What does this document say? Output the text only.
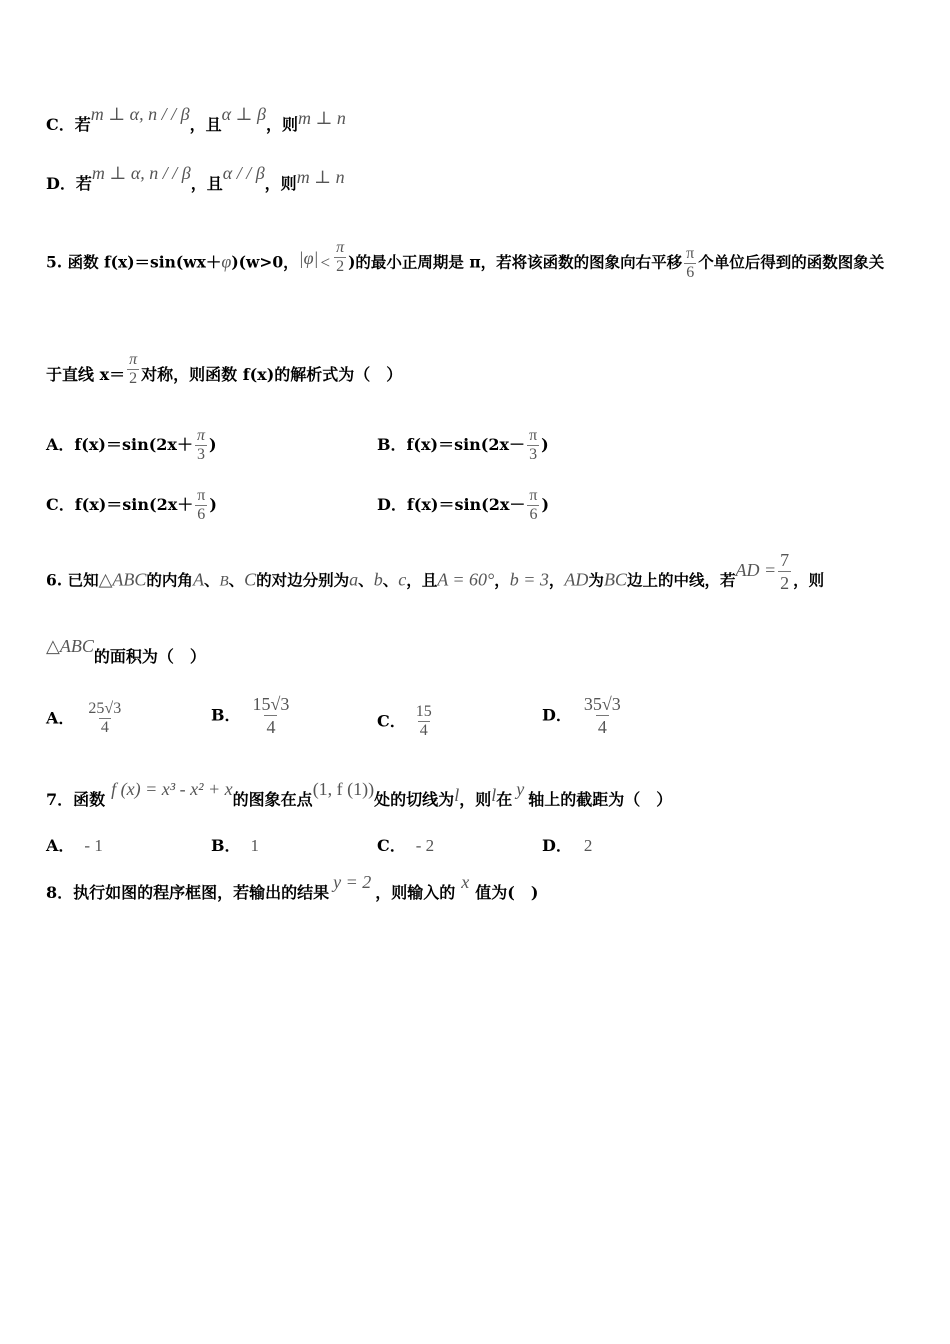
C．若m ⊥ α, n / / β，且α ⊥ β，则m ⊥ n
D．若m ⊥ α, n / / β，且α / / β，则m ⊥ n
5. 函数 f(x)＝sin(wx＋φ)(w>0，$|\varphi| < \frac{\pi}{2}$ )的最小正周期是 π，若将该函数的图象向右平移 $\frac{\pi}{6}$ 个单位后得到的函数图象关
于直线 $x= \frac{\pi}{2}$ 对称，则函数 f(x)的解析式为（　）
A．$f(x)=\sin(2x+ \frac{\pi}{3}$ )	B．$f(x)=\sin(2x- \frac{\pi}{3}$ )
C．$f(x)=\sin(2x+ \frac{\pi}{6}$ )	D．$f(x)=\sin(2x- \frac{\pi}{6}$ )
6. 已知△ABC的内角A、B、C的对边分别为a、b、c，且A = 60°，b = 3，AD为BC边上的中线，若AD = $\frac{7}{2}$ ，则
△ABC的面积为（　）
A． $\frac{25√3}{4}$	B． $\frac{15√3}{4}$	C． $\frac{15}{4}$	D． $\frac{35√3}{4}$
7．函数f (x) = x³ - x² + x的图象在点(1, f (1))处的切线为l，则l在y轴上的截距为（　）
A． - 1	B． 1	C． - 2	D． 2
8．执行如图的程序框图，若输出的结果y = 2，则输入的x值为(　)
